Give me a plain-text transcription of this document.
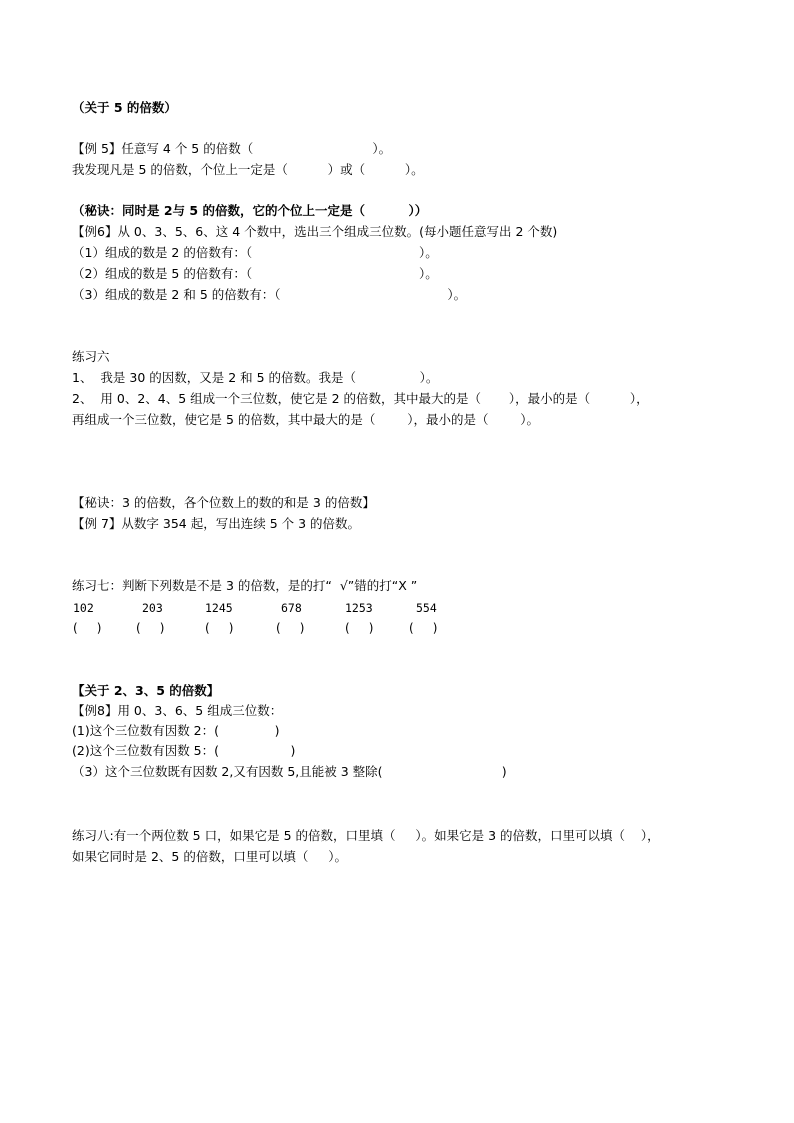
（关于 5 的倍数）
【例 5】任意写 4 个 5 的倍数（                              ）。
我发现凡是 5 的倍数，个位上一定是（          ）或（          ）。
（秘诀：同时是 2与 5 的倍数，它的个位上一定是（          ））
【例6】从 0、3、5、6、这 4 个数中，选出三个组成三位数。(每小题任意写出 2 个数)
（1）组成的数是 2 的倍数有：（                                          ）。
（2）组成的数是 5 的倍数有：（                                          ）。
（3）组成的数是 2 和 5 的倍数有：（                                          ）。
练习六
1、  我是 30 的因数，又是 2 和 5 的倍数。我是（                ）。
2、  用 0、2、4、5 组成一个三位数，使它是 2 的倍数，其中最大的是（       ），最小的是（          ），
再组成一个三位数，使它是 5 的倍数，其中最大的是（        ），最小的是（        ）。
【秘诀：3 的倍数，各个位数上的数的和是 3 的倍数】
【例 7】从数字 354 起，写出连续 5 个 3 的倍数。
练习七：判断下列数是不是 3 的倍数，是的打“  √”错的打“X ”
102	203	1245	678	1253	554
(     )	(     )	(     )	(     )	(     )	(     )
【关于 2、3、5 的倍数】
【例8】用 0、3、6、5 组成三位数：
(1)这个三位数有因数 2：(              )
(2)这个三位数有因数 5：(                  )
（3）这个三位数既有因数 2,又有因数 5,且能被 3 整除(                              )
练习八:有一个两位数 5 口，如果它是 5 的倍数，口里填（     ）。如果它是 3 的倍数，口里可以填（    ），
如果它同时是 2、5 的倍数，口里可以填（     ）。
